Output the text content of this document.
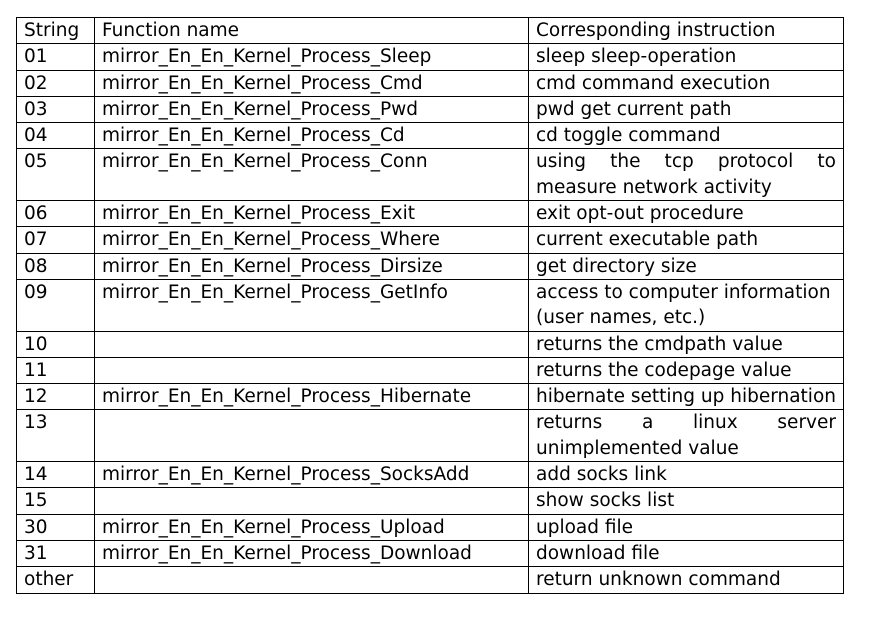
String	Function name	Corresponding instruction
01	mirror_En_En_Kernel_Process_Sleep	sleep sleep-operation
02	mirror_En_En_Kernel_Process_Cmd	cmd command execution
03	mirror_En_En_Kernel_Process_Pwd	pwd get current path
04	mirror_En_En_Kernel_Process_Cd	cd toggle command
05	mirror_En_En_Kernel_Process_Conn	using the tcp protocol to measure network activity
06	mirror_En_En_Kernel_Process_Exit	exit opt-out procedure
07	mirror_En_En_Kernel_Process_Where	current executable path
08	mirror_En_En_Kernel_Process_Dirsize	get directory size
09	mirror_En_En_Kernel_Process_GetInfo	access to computer information (user names, etc.)
10		returns the cmdpath value
11		returns the codepage value
12	mirror_En_En_Kernel_Process_Hibernate	hibernate setting up hibernation
13		returns a linux server unimplemented value
14	mirror_En_En_Kernel_Process_SocksAdd	add socks link
15		show socks list
30	mirror_En_En_Kernel_Process_Upload	upload file
31	mirror_En_En_Kernel_Process_Download	download file
other		return unknown command
